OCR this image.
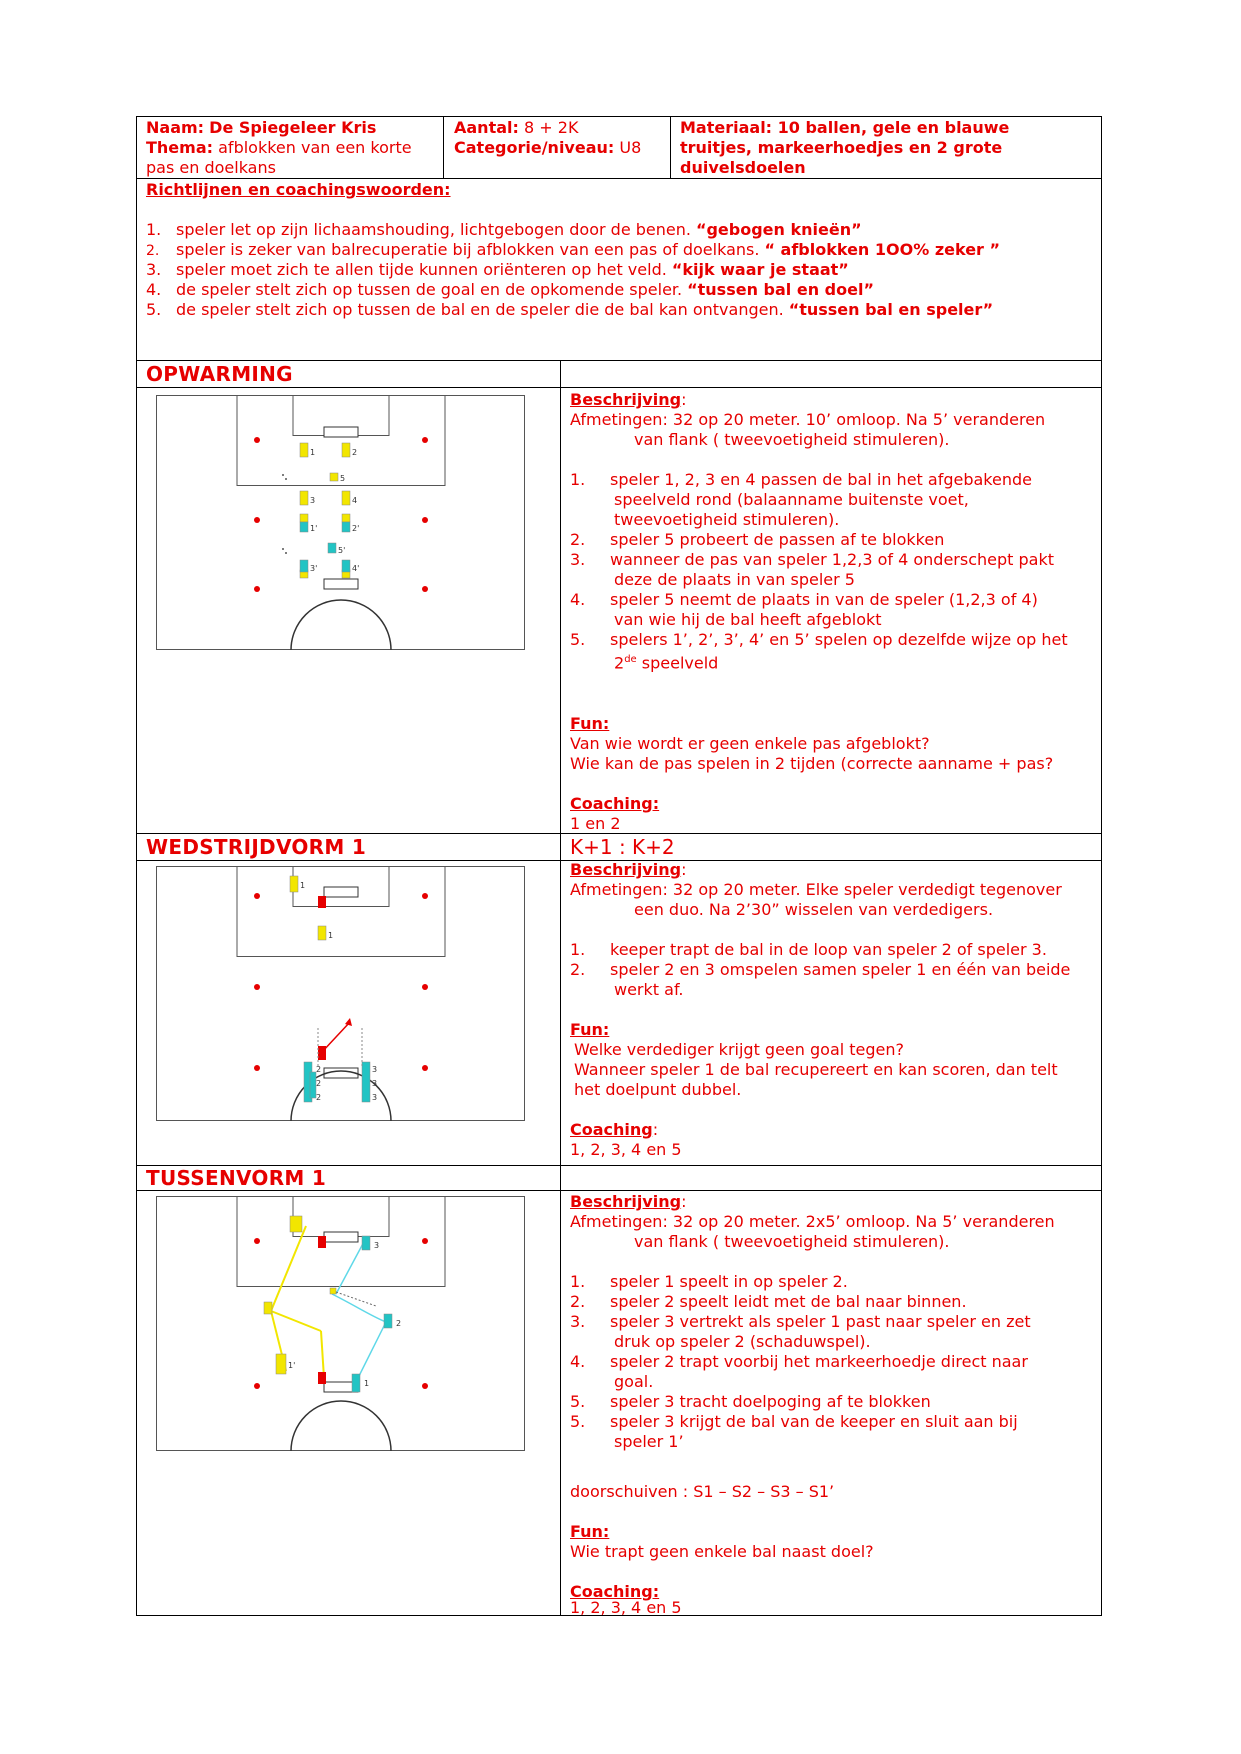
Naam: De Spiegeleer Kris
Thema: afblokken van een korte
pas en doelkans
Aantal: 8 + 2K
Categorie/niveau: U8
Materiaal: 10 ballen, gele en blauwe
truitjes, markeerhoedjes en 2 grote
duivelsdoelen
Richtlijnen en coachingswoorden:
1. speler let op zijn lichaamshouding, lichtgebogen door de benen. “gebogen knieën”
2. speler is zeker van balrecuperatie bij afblokken van een pas of doelkans. “ afblokken 1OO% zeker ”
3. speler moet zich te allen tijde kunnen oriënteren op het veld. “kijk waar je staat”
4. de speler stelt zich op tussen de goal en de opkomende speler. “tussen bal en doel”
5. de speler stelt zich op tussen de bal en de speler die de bal kan ontvangen. “tussen bal en speler”
OPWARMING
1	2
5
3	4
1'	2'
5'
3'	4'
Beschrijving:
Afmetingen: 32 op 20 meter. 10’ omloop. Na 5’ veranderen
van flank ( tweevoetigheid stimuleren).
1. speler 1, 2, 3 en 4 passen de bal in het afgebakende
speelveld rond (balaanname buitenste voet,
tweevoetigheid stimuleren).
2. speler 5 probeert de passen af te blokken
3. wanneer de pas van speler 1,2,3 of 4 onderschept pakt
deze de plaats in van speler 5
4. speler 5 neemt de plaats in van de speler (1,2,3 of 4)
van wie hij de bal heeft afgeblokt
5. spelers 1’, 2’, 3’, 4’ en 5’ spelen op dezelfde wijze op het
2de speelveld
Fun:
Van wie wordt er geen enkele pas afgeblokt?
Wie kan de pas spelen in 2 tijden (correcte aanname + pas?
Coaching:
1 en 2
WEDSTRIJDVORM 1	K+1 : K+2
1
1
2	3
2	3
2	3
Beschrijving:
Afmetingen: 32 op 20 meter. Elke speler verdedigt tegenover
een duo. Na 2’30” wisselen van verdedigers.
1. keeper trapt de bal in de loop van speler 2 of speler 3.
2. speler 2 en 3 omspelen samen speler 1 en één van beide
werkt af.
Fun:
Welke verdediger krijgt geen goal tegen?
Wanneer speler 1 de bal recupereert en kan scoren, dan telt
het doelpunt dubbel.
Coaching:
1, 2, 3, 4 en 5
TUSSENVORM 1
3
2
1
1'
Beschrijving:
Afmetingen: 32 op 20 meter. 2x5’ omloop. Na 5’ veranderen
van flank ( tweevoetigheid stimuleren).
1. speler 1 speelt in op speler 2.
2. speler 2 speelt leidt met de bal naar binnen.
3. speler 3 vertrekt als speler 1 past naar speler en zet
druk op speler 2 (schaduwspel).
4. speler 2 trapt voorbij het markeerhoedje direct naar
goal.
5. speler 3 tracht doelpoging af te blokken
5. speler 3 krijgt de bal van de keeper en sluit aan bij
speler 1’
doorschuiven : S1 – S2 – S3 – S1’
Fun:
Wie trapt geen enkele bal naast doel?
Coaching:
1, 2, 3, 4 en 5
